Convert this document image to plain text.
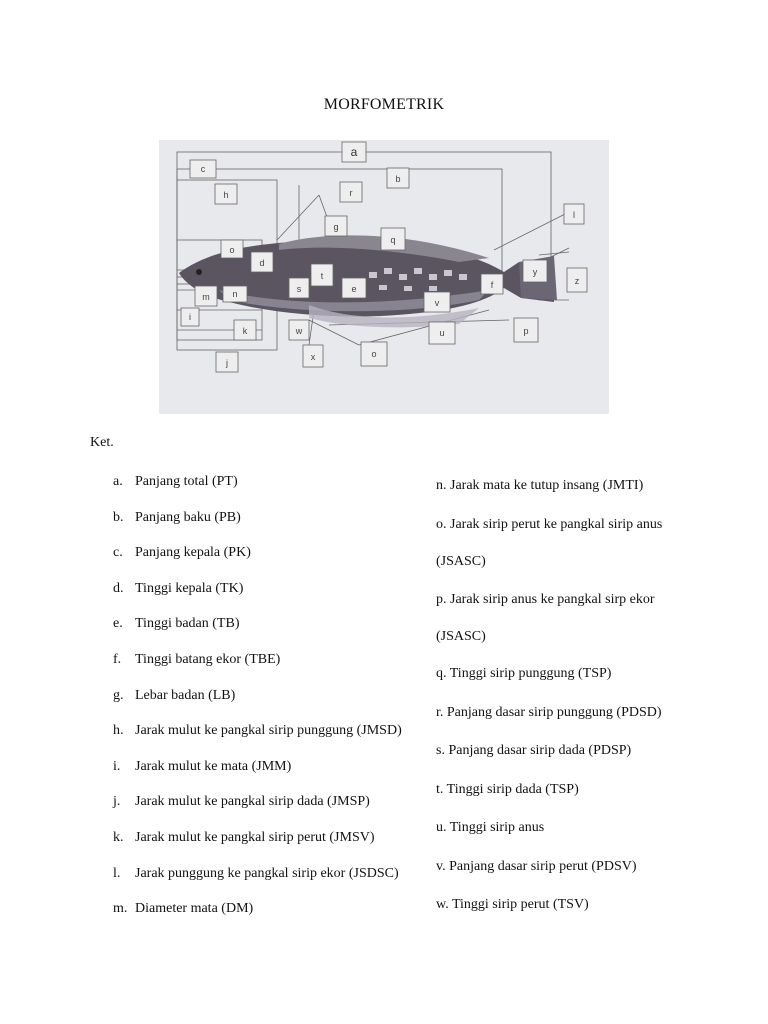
MORFOMETRIK
a
b
c
h	r
g
q
o
d
t
s	e
n
m
i
k	w
x
j
v
u
f
y
l
z
p
o
Ket.
a. Panjang total (PT)
b. Panjang baku (PB)
c. Panjang kepala (PK)
d. Tinggi kepala (TK)
e. Tinggi badan (TB)
f. Tinggi batang ekor (TBE)
g. Lebar badan (LB)
h. Jarak mulut ke pangkal sirip punggung (JMSD)
i.	Jarak mulut ke mata (JMM)
j.	Jarak mulut ke pangkal sirip dada (JMSP)
k. Jarak mulut ke pangkal sirip perut (JMSV)
l.	Jarak punggung ke pangkal sirip ekor (JSDSC)
m. Diameter mata (DM)
n. Jarak mata ke tutup insang (JMTI)
o. Jarak sirip perut ke pangkal sirip anus
(JSASC)
p. Jarak sirip anus ke pangkal sirp ekor
(JSASC)
q. Tinggi sirip punggung (TSP)
r. Panjang dasar sirip punggung (PDSD)
s. Panjang dasar sirip dada (PDSP)
t. Tinggi sirip dada (TSP)
u. Tinggi sirip anus
v. Panjang dasar sirip perut (PDSV)
w. Tinggi sirip perut (TSV)
